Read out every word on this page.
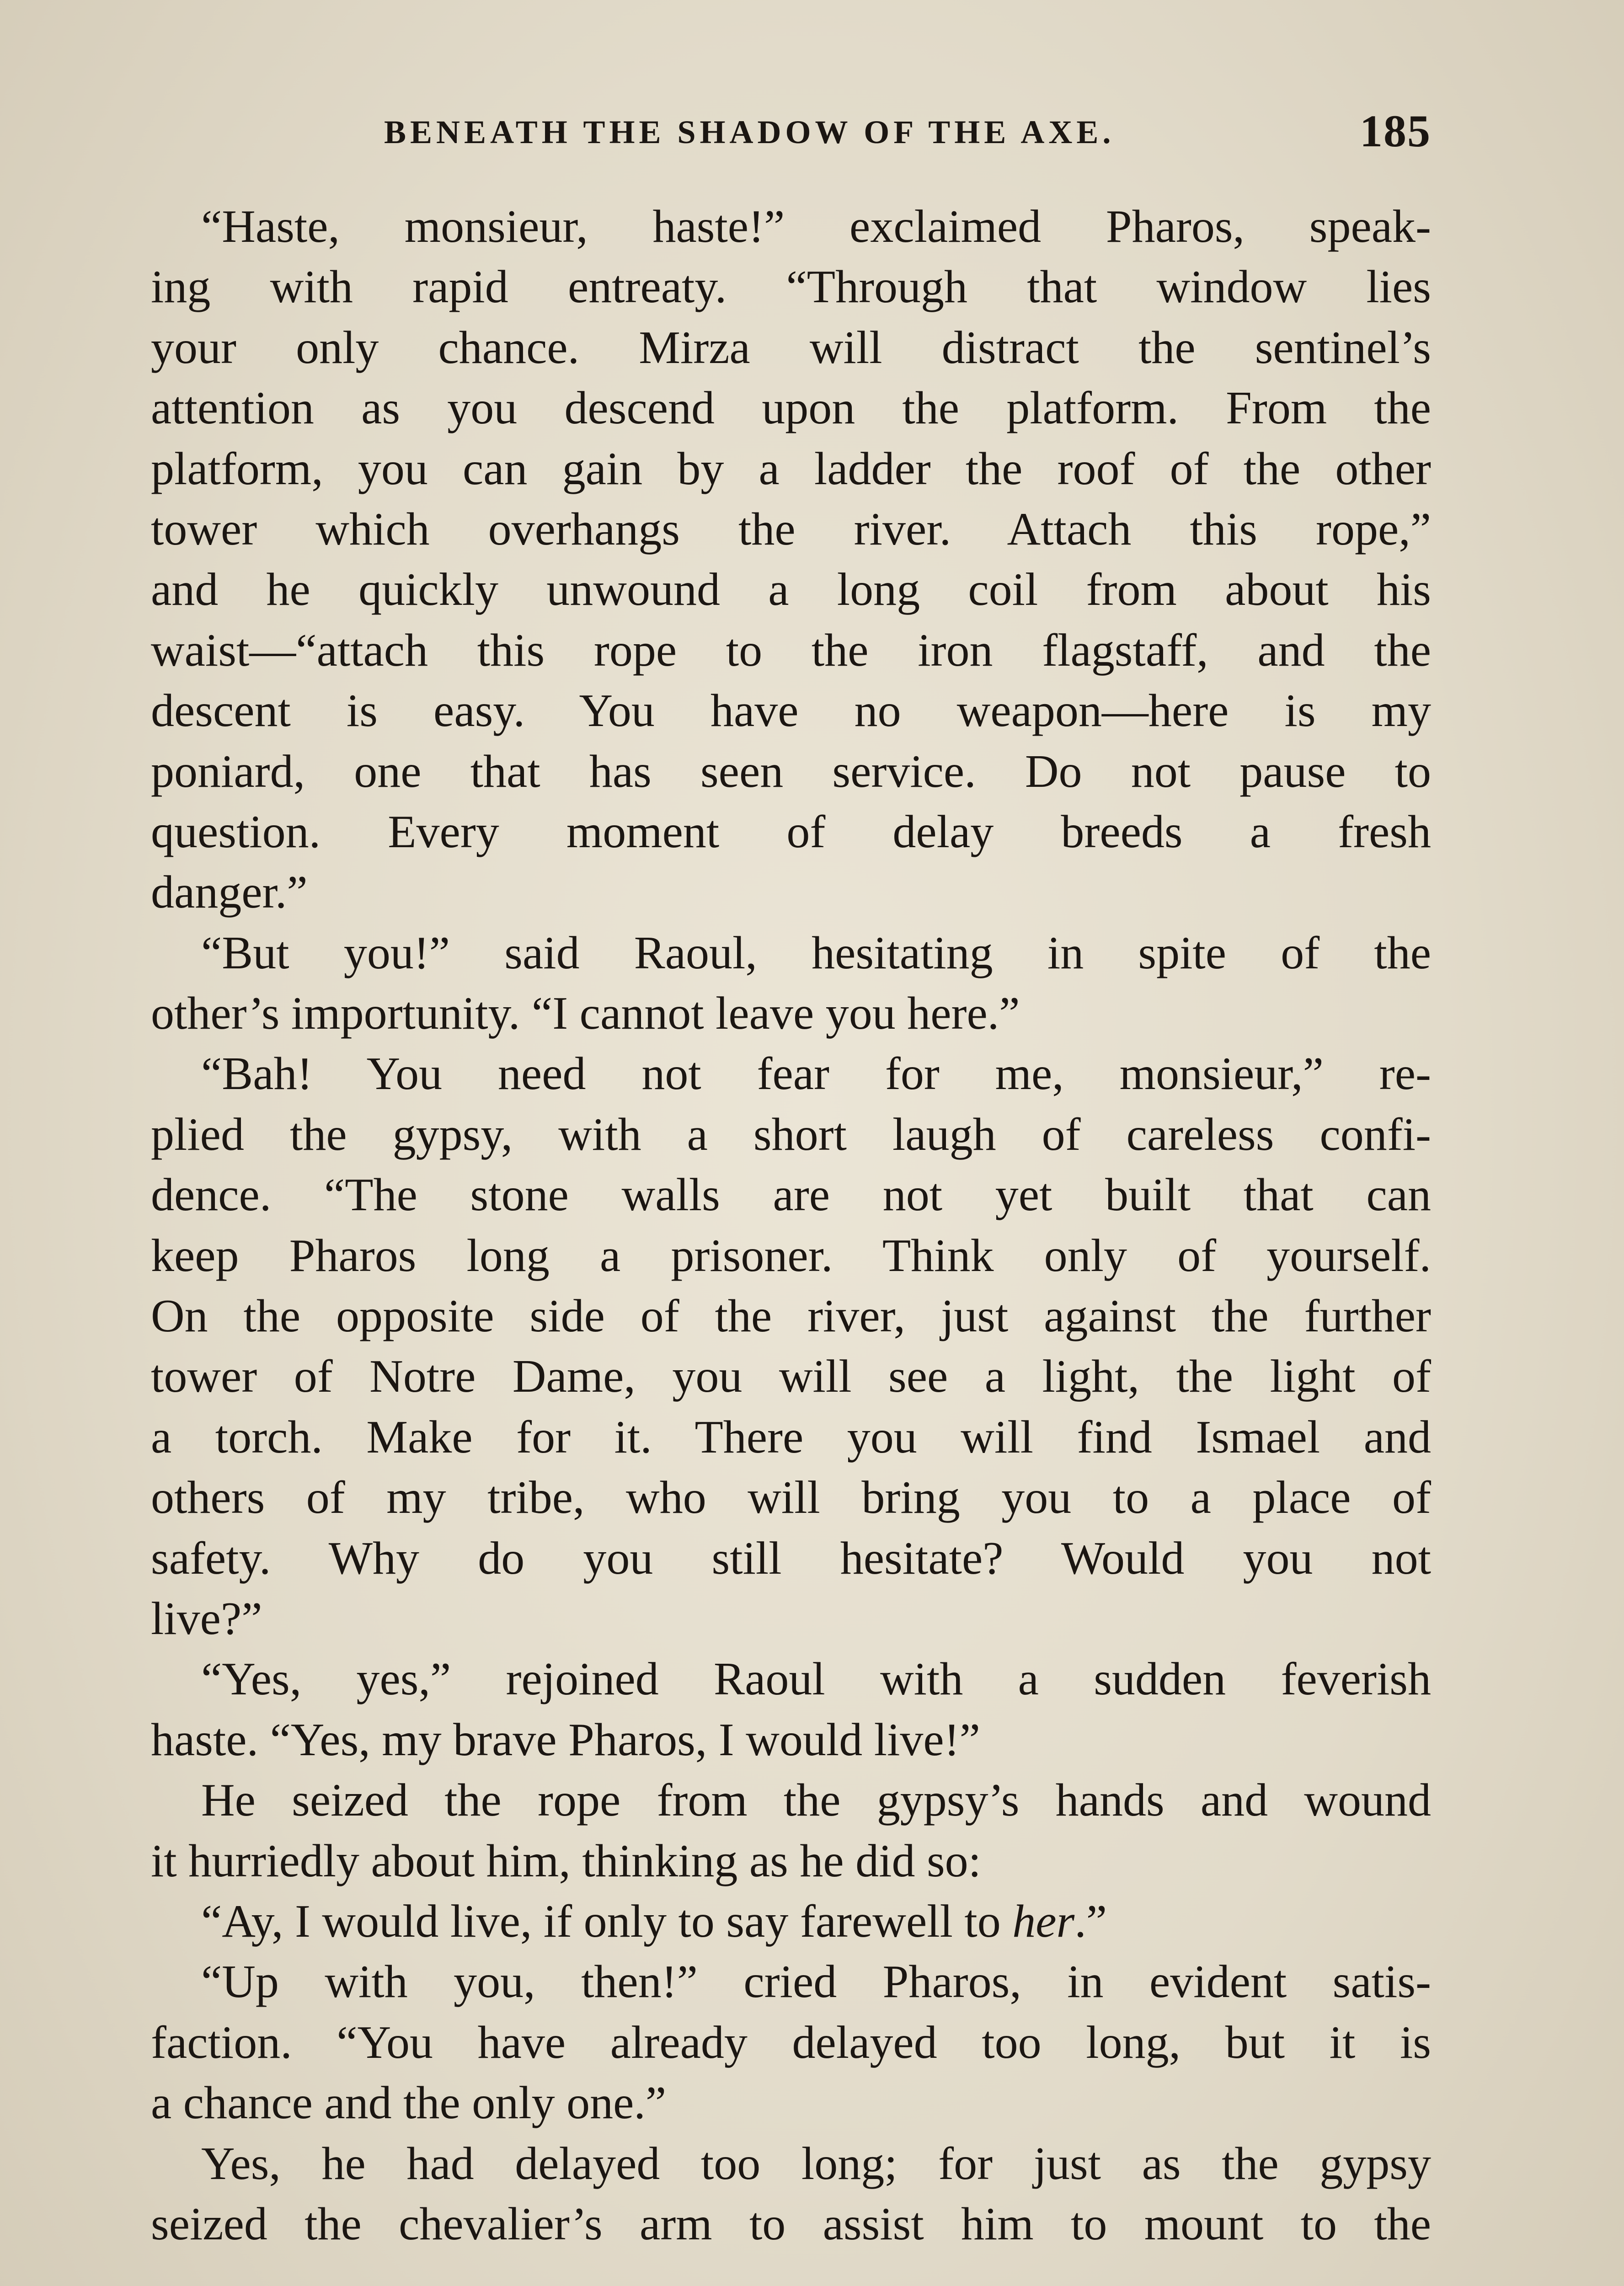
BENEATH THE SHADOW OF THE AXE.	185
“Haste, monsieur, haste!” exclaimed Pharos, speak-
ing with rapid entreaty. “Through that window lies
your only chance. Mirza will distract the sentinel’s
attention as you descend upon the platform. From the
platform, you can gain by a ladder the roof of the other
tower which overhangs the river. Attach this rope,”
and he quickly unwound a long coil from about his
waist—“attach this rope to the iron flagstaff, and the
descent is easy. You have no weapon—here is my
poniard, one that has seen service. Do not pause to
question. Every moment of delay breeds a fresh
danger.”
“But you!” said Raoul, hesitating in spite of the
other’s importunity. “I cannot leave you here.”
“Bah! You need not fear for me, monsieur,” re-
plied the gypsy, with a short laugh of careless confi-
dence. “The stone walls are not yet built that can
keep Pharos long a prisoner. Think only of yourself.
On the opposite side of the river, just against the further
tower of Notre Dame, you will see a light, the light of
a torch. Make for it. There you will find Ismael and
others of my tribe, who will bring you to a place of
safety. Why do you still hesitate? Would you not
live?”
“Yes, yes,” rejoined Raoul with a sudden feverish
haste. “Yes, my brave Pharos, I would live!”
He seized the rope from the gypsy’s hands and wound
it hurriedly about him, thinking as he did so:
“Ay, I would live, if only to say farewell to her.”
“Up with you, then!” cried Pharos, in evident satis-
faction. “You have already delayed too long, but it is
a chance and the only one.”
Yes, he had delayed too long; for just as the gypsy
seized the chevalier’s arm to assist him to mount to the
